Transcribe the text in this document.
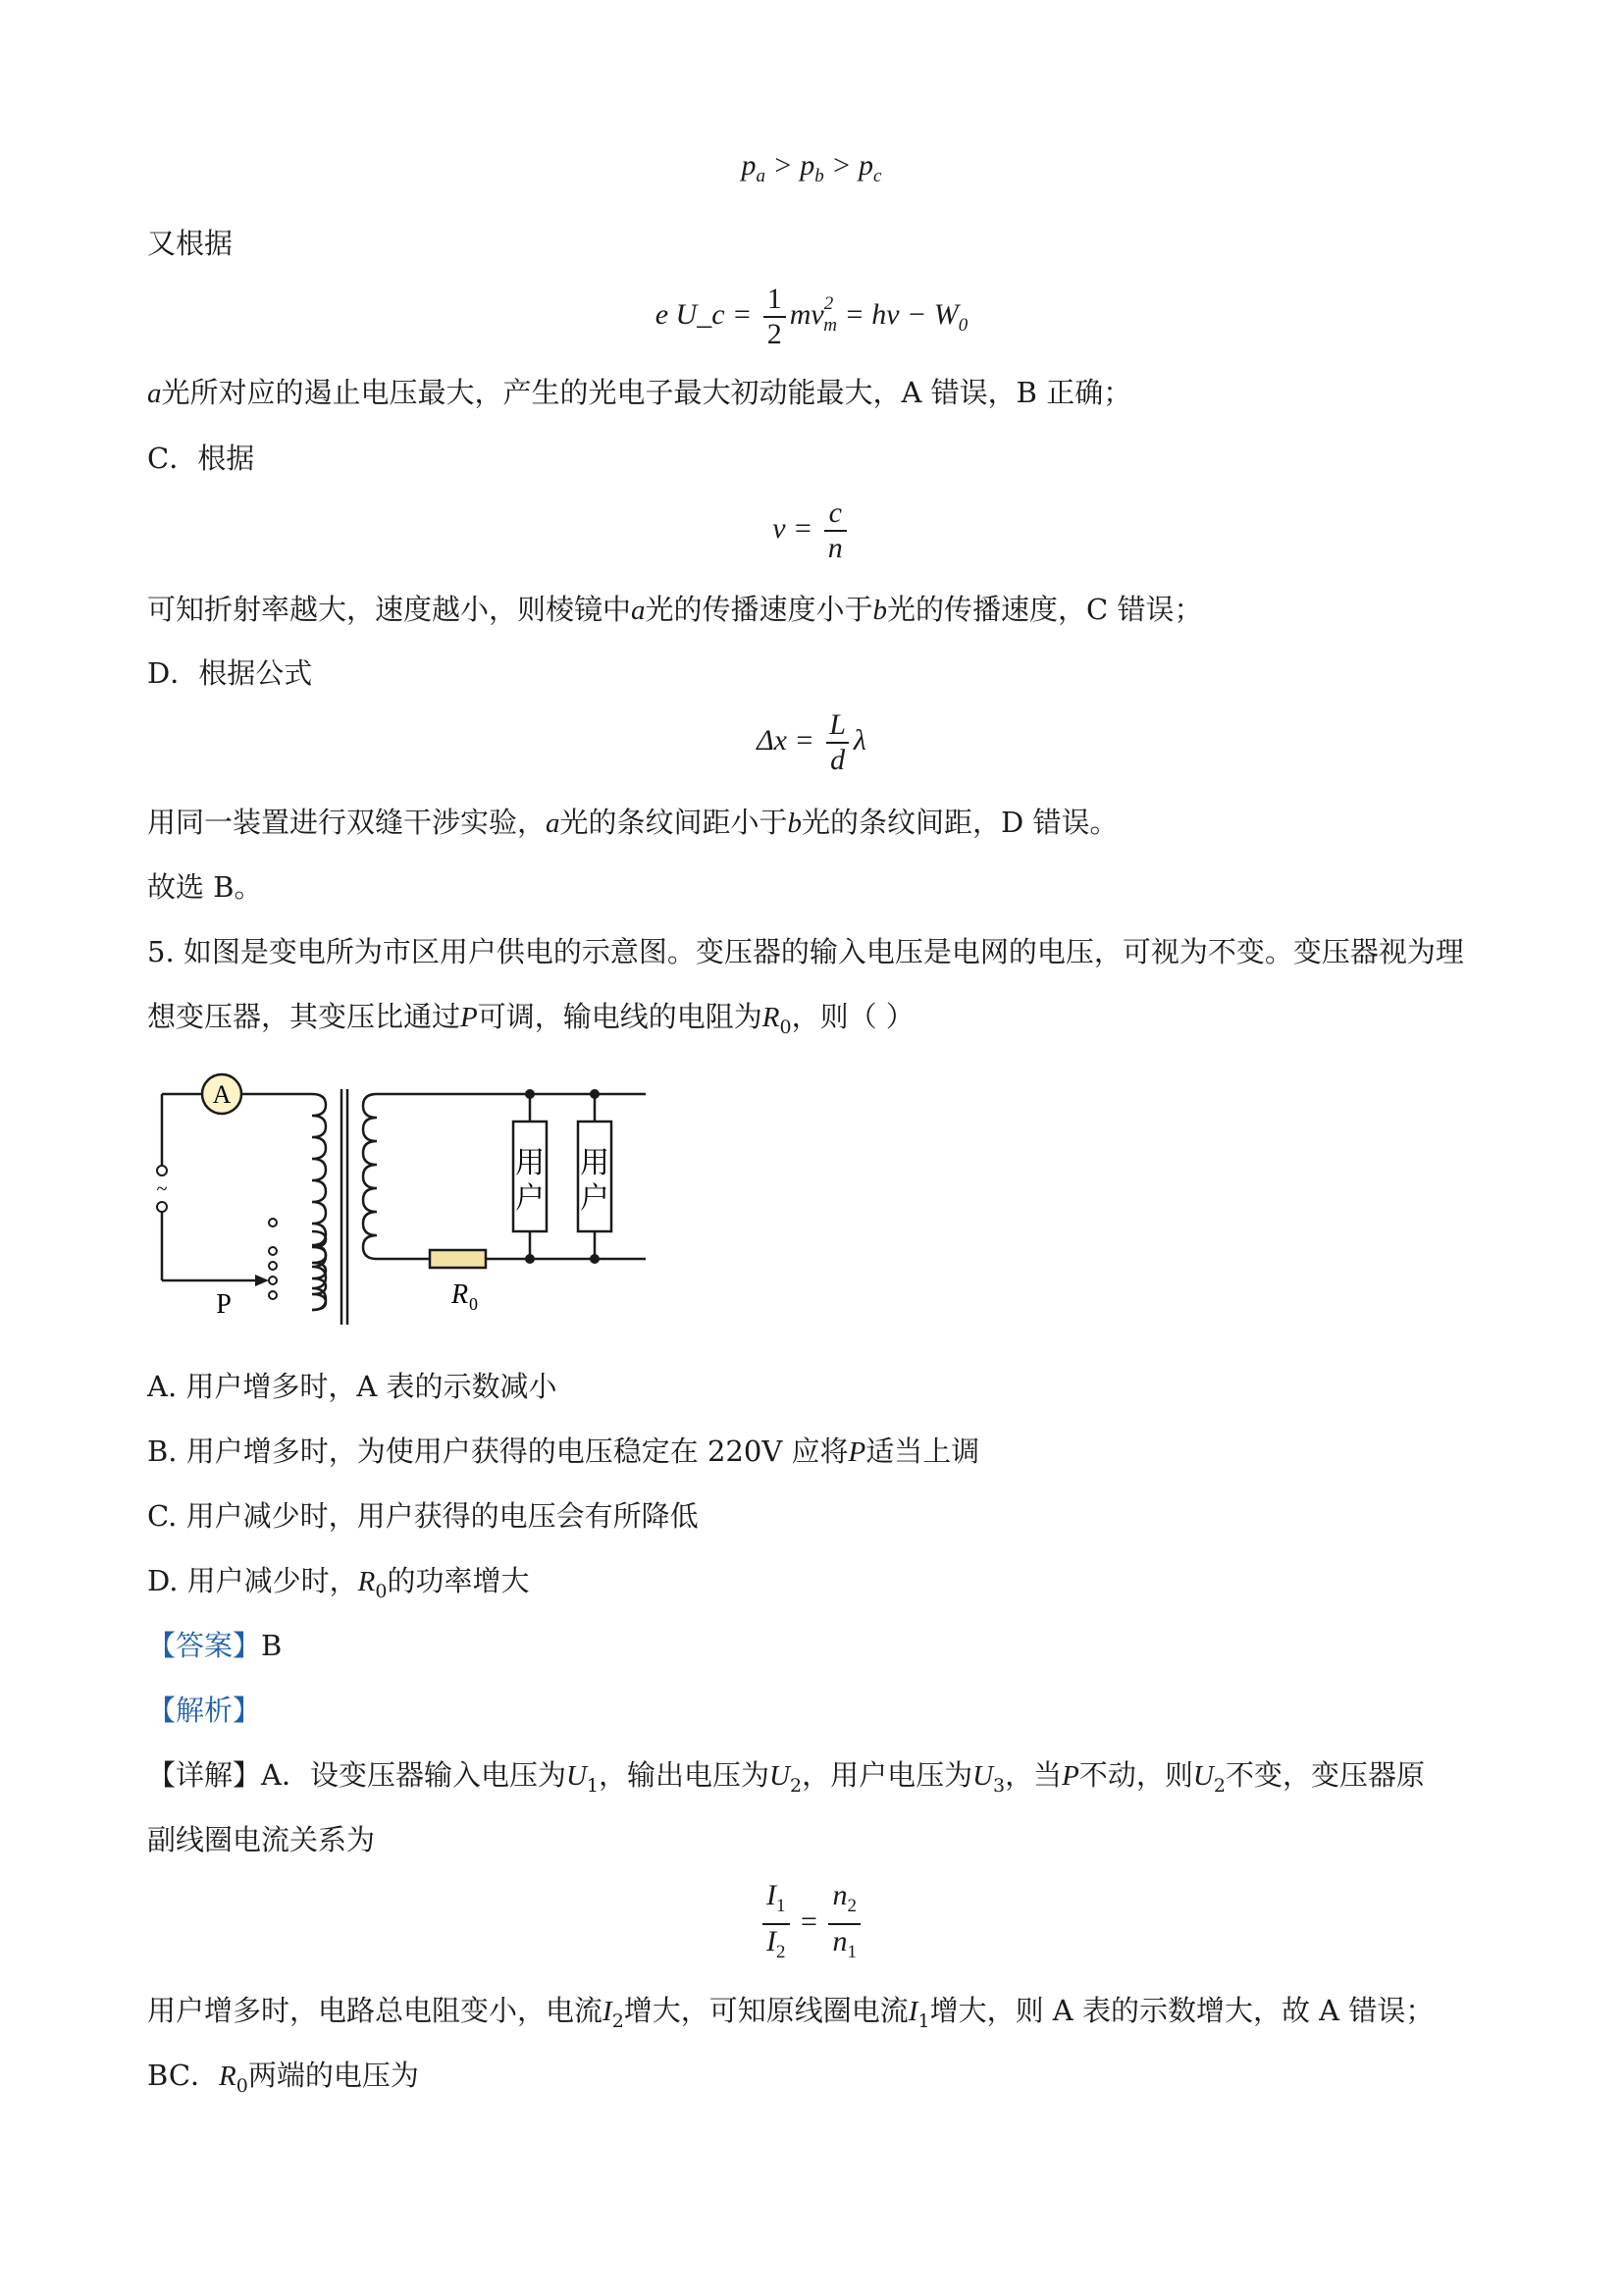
$p_a > p_b > p_c$
又根据
e U_c = $\frac{1}{2} mv^2_m = h\nu - W_0$
a光所对应的遏止电压最大，产生的光电子最大初动能最大，A 错误，B 正确；
C．根据
$v = \frac{c}{n}$
可知折射率越大，速度越小，则棱镜中a光的传播速度小于b光的传播速度，C 错误；
D．根据公式
$\Delta x = \frac{L}{d}$ λ
用同一装置进行双缝干涉实验，a光的条纹间距小于b光的条纹间距，D 错误。
故选 B。
5. 如图是变电所为市区用户供电的示意图。变压器的输入电压是电网的电压，可视为不变。变压器视为理
想变压器，其变压比通过P可调，输电线的电阻为$R_0$，则（ ）
A
~
用
户
用
户
P	R 0
A. 用户增多时，A 表的示数减小
B. 用户增多时，为使用户获得的电压稳定在 220V 应将P适当上调
C. 用户减少时，用户获得的电压会有所降低
D. 用户减少时，$R_0$的功率增大
【答案】B
【解析】
【详解】A．设变压器输入电压为$U_1$，输出电压为$U_2$，用户电压为$U_3$，当P不动，则$U_2$不变，变压器原
副线圈电流关系为
$\frac{I_1}{I_2} = \frac{n_2}{n_1}$
用户增多时，电路总电阻变小，电流$I_2$增大，可知原线圈电流$I_1$增大，则 A 表的示数增大，故 A 错误；
BC．$R_0$两端的电压为
